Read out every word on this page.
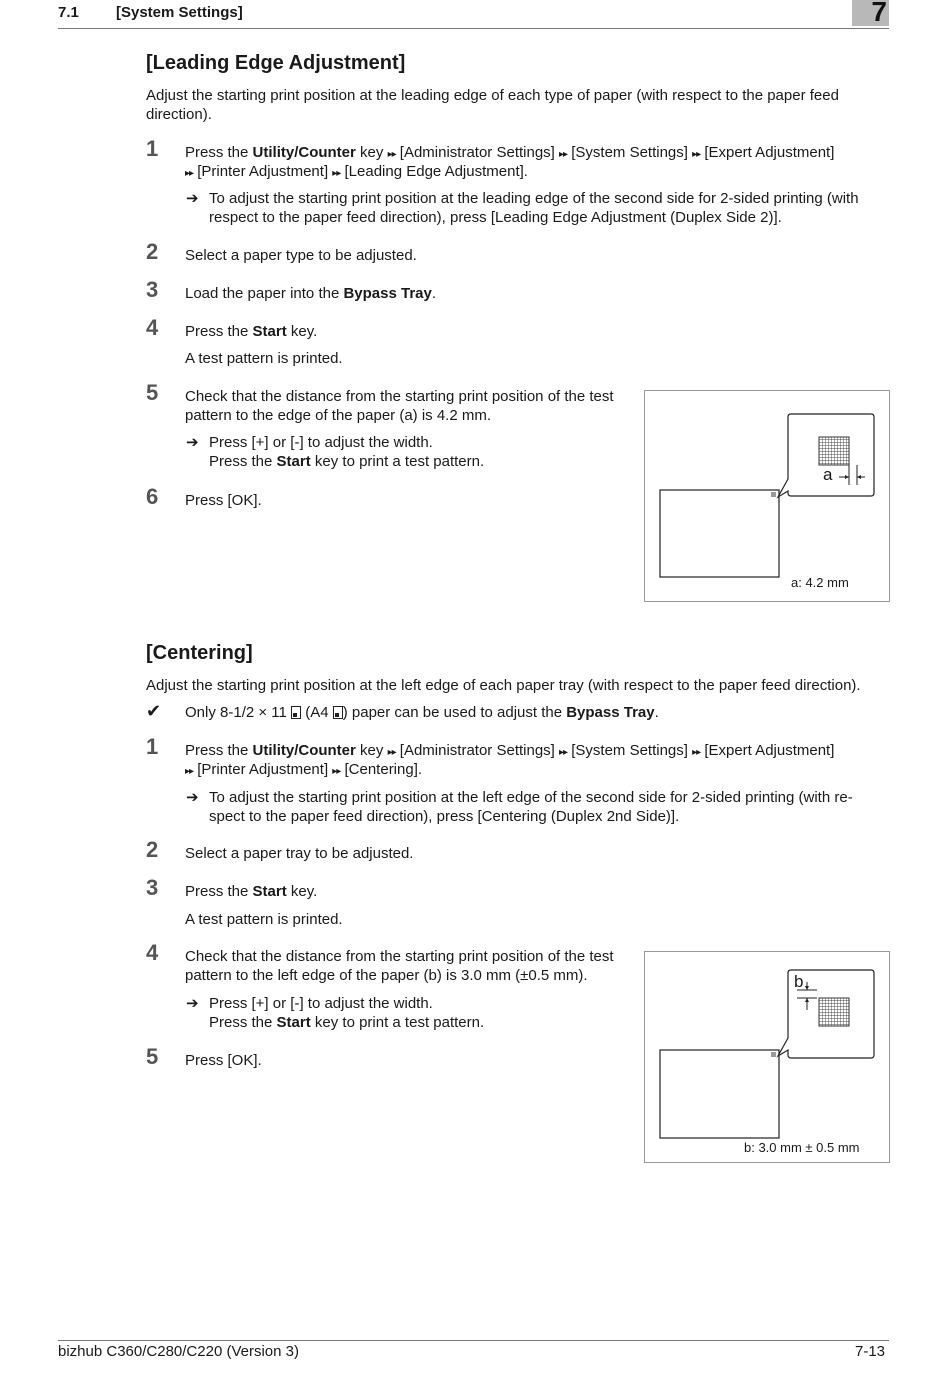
7.1 [System Settings]	7
[Leading Edge Adjustment]
Adjust the starting print position at the leading edge of each type of paper (with respect to the paper feed
direction).
1 Press the Utility/Counter key ▸▸ [Administrator Settings] ▸▸ [System Settings] ▸▸ [Expert Adjustment]
▸▸ [Printer Adjustment] ▸▸ [Leading Edge Adjustment].
➔ To adjust the starting print position at the leading edge of the second side for 2-sided printing (with
respect to the paper feed direction), press [Leading Edge Adjustment (Duplex Side 2)].
2 Select a paper type to be adjusted.
3 Load the paper into the Bypass Tray.
4 Press the Start key.
A test pattern is printed.
5 Check that the distance from the starting print position of the test
pattern to the edge of the paper (a) is 4.2 mm.
➔ Press [+] or [-] to adjust the width.
Press the Start key to print a test pattern.
6 Press [OK].
a
a: 4.2 mm
[Centering]
Adjust the starting print position at the left edge of each paper tray (with respect to the paper feed direction).
✔ Only 8-1/2 × 11
(A4
) paper can be used to adjust the Bypass Tray.
1 Press the Utility/Counter key ▸▸ [Administrator Settings] ▸▸ [System Settings] ▸▸ [Expert Adjustment]
▸▸ [Printer Adjustment] ▸▸ [Centering].
➔ To adjust the starting print position at the left edge of the second side for 2-sided printing (with re-
spect to the paper feed direction), press [Centering (Duplex 2nd Side)].
2 Select a paper tray to be adjusted.
3 Press the Start key.
A test pattern is printed.
4 Check that the distance from the starting print position of the test
pattern to the left edge of the paper (b) is 3.0 mm (±0.5 mm).
➔ Press [+] or [-] to adjust the width.
Press the Start key to print a test pattern.
5 Press [OK].
b
b: 3.0 mm ± 0.5 mm
bizhub C360/C280/C220 (Version 3)	7-13
